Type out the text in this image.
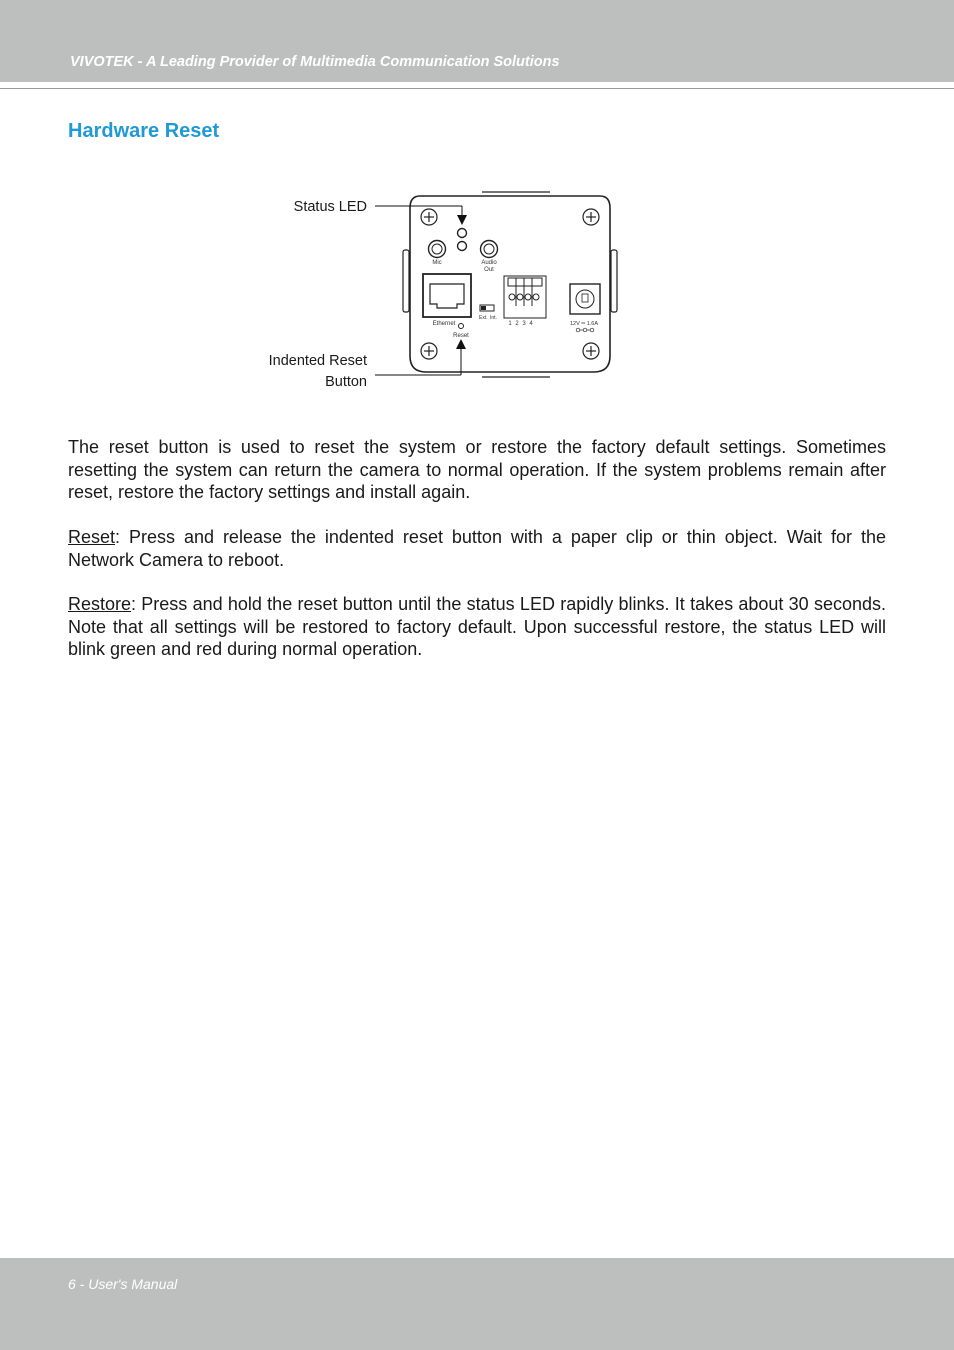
VIVOTEK - A Leading Provider of Multimedia Communication Solutions
Hardware Reset
Status LED
Indented Reset
Button
Mic	Audio
Out
Ethernet
Reset
Ext. Int.
1 2 3 4	12V ═ 1.6A
The reset button is used to reset the system or restore the factory default settings. Sometimes resetting the system can return the camera to normal operation. If the system problems remain after reset, restore the factory settings and install again.
Reset: Press and release the indented reset button with a paper clip or thin object. Wait for the Network Camera to reboot.
Restore: Press and hold the reset button until the status LED rapidly blinks. It takes about 30 seconds. Note that all settings will be restored to factory default. Upon successful restore, the status LED will blink green and red during normal operation.
6 - User's Manual
